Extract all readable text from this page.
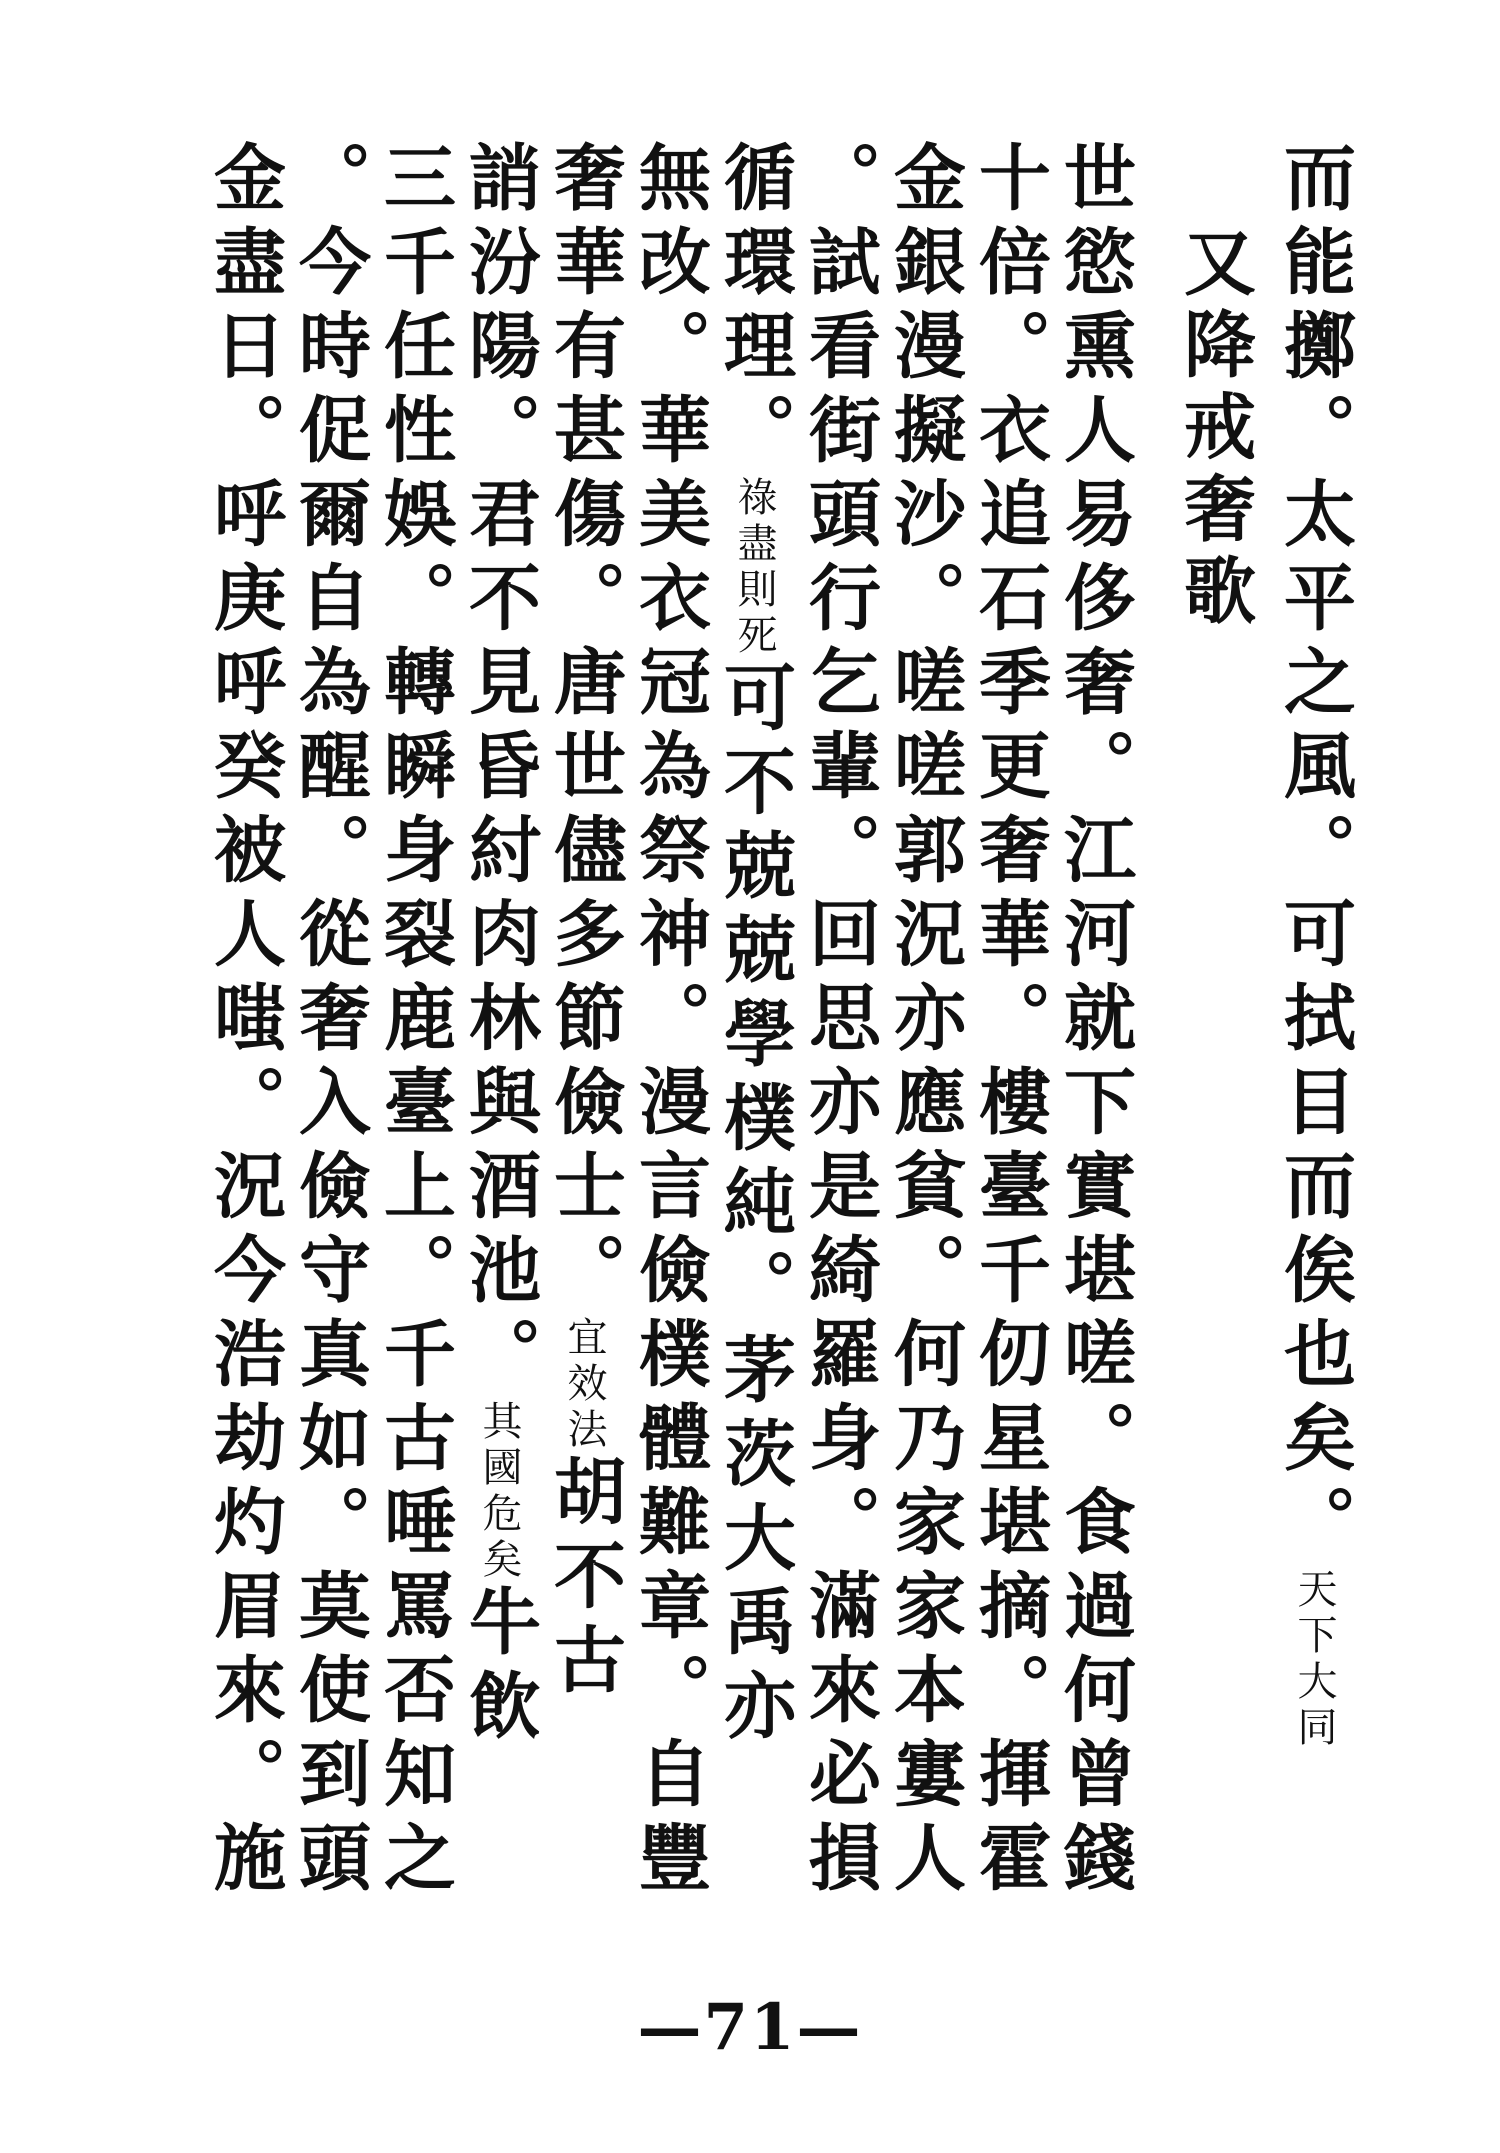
而能擲。太平之風。可拭目而俟也矣。天下大同
又降戒奢歌
世慾熏人易侈奢。江河就下實堪嗟。食過何曾錢
十倍。衣追石季更奢華。樓臺千仞星堪摘。揮霍
金銀漫擬沙。嗟嗟郭況亦應貧。何乃家家本寠人
。試看街頭行乞輩。回思亦是綺羅身。滿來必損
循環理。祿盡則死可不兢兢學樸純。茅茨大禹亦
無改。華美衣冠為祭神。漫言儉樸體難章。自豐
奢華有甚傷。唐世儘多節儉士。宜效法胡不古
誚汾陽。君不見昏紂肉林與酒池。其國危矣牛飲
三千任性娛。轉瞬身裂鹿臺上。千古唾罵否知之
。今時促爾自為醒。從奢入儉守真如。莫使到頭
金盡日。呼庚呼癸被人嗤。況今浩劫灼眉來。施
—71—
